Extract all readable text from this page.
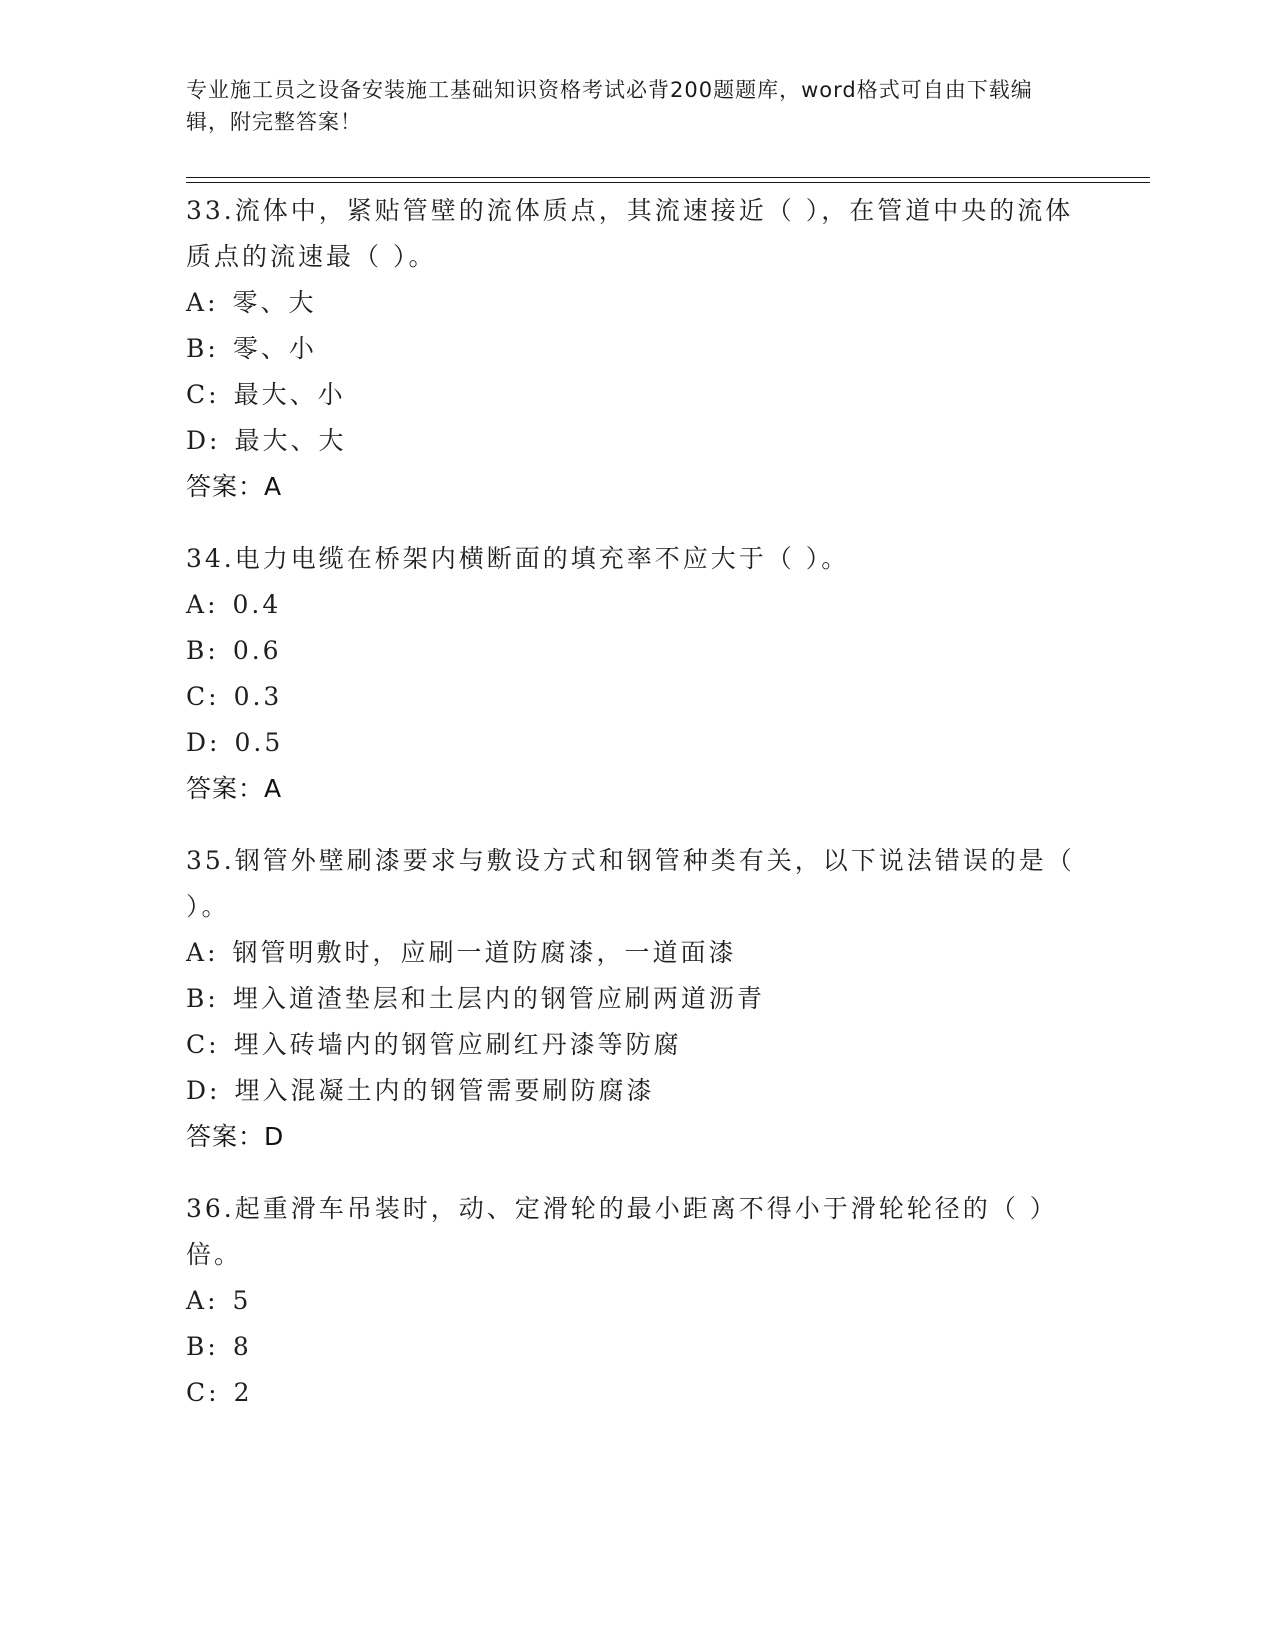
专业施工员之设备安装施工基础知识资格考试必背200题题库，word格式可自由下载编辑，附完整答案！
33.流体中，紧贴管壁的流体质点，其流速接近（ ），在管道中央的流体质点的流速最（ ）。
A: 零、大
B: 零、小
C: 最大、小
D: 最大、大
答案：A
34.电力电缆在桥架内横断面的填充率不应大于（ ）。
A: 0.4
B: 0.6
C: 0.3
D: 0.5
答案：A
35.钢管外壁刷漆要求与敷设方式和钢管种类有关，以下说法错误的是（ ）。
A: 钢管明敷时，应刷一道防腐漆，一道面漆
B: 埋入道渣垫层和土层内的钢管应刷两道沥青
C: 埋入砖墙内的钢管应刷红丹漆等防腐
D: 埋入混凝土内的钢管需要刷防腐漆
答案：D
36.起重滑车吊装时，动、定滑轮的最小距离不得小于滑轮轮径的（ ）倍。
A: 5
B: 8
C: 2
